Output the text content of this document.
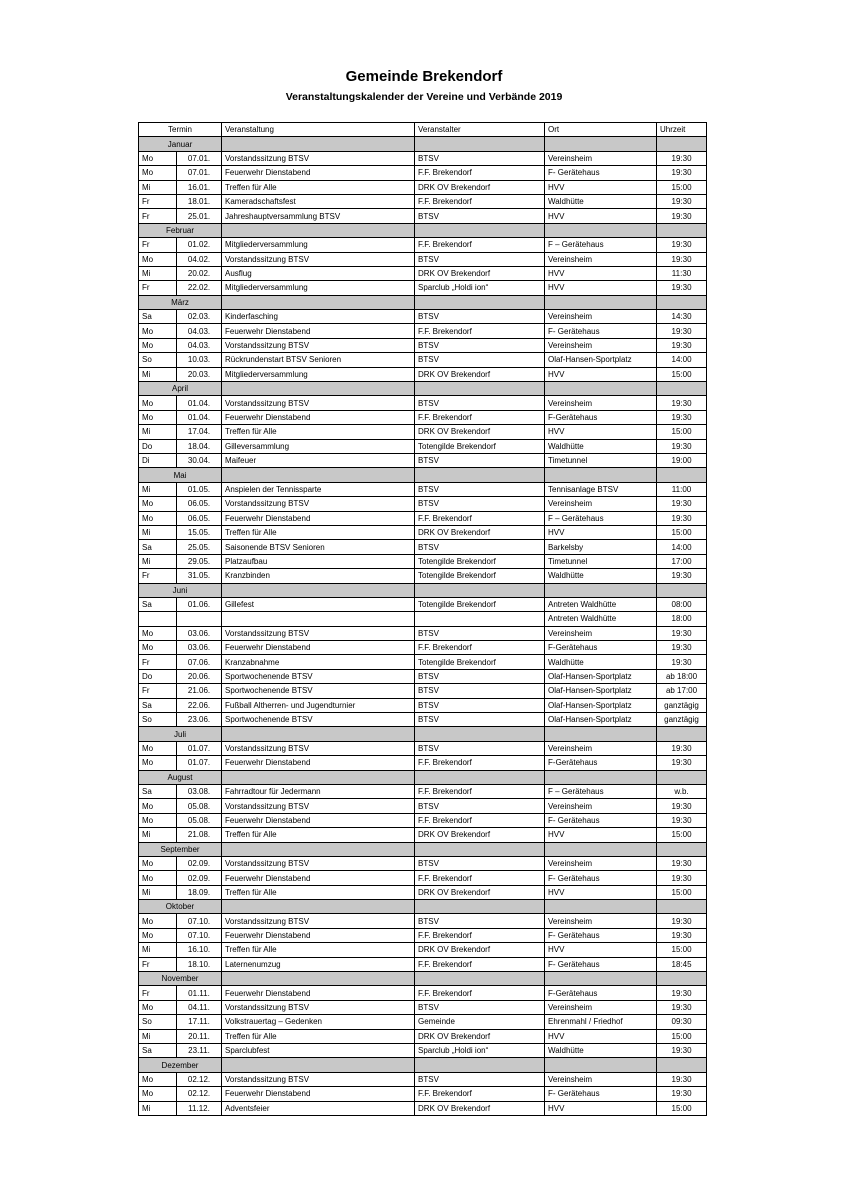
Gemeinde Brekendorf
Veranstaltungskalender der Vereine und Verbände 2019
Termin		Veranstaltung	Veranstalter	Ort	Uhrzeit
Januar					
Mo	07.01.	Vorstandssitzung BTSV	BTSV	Vereinsheim	19:30
Mo	07.01.	Feuerwehr Dienstabend	F.F. Brekendorf	F- Gerätehaus	19:30
Mi	16.01.	Treffen für Alle	DRK OV Brekendorf	HVV	15:00
Fr	18.01.	Kameradschaftsfest	F.F. Brekendorf	Waldhütte	19:30
Fr	25.01.	Jahreshauptversammlung BTSV	BTSV	HVV	19:30
Februar					
Fr	01.02.	Mitgliederversammlung	F.F. Brekendorf	F – Gerätehaus	19:30
Mo	04.02.	Vorstandssitzung BTSV	BTSV	Vereinsheim	19:30
Mi	20.02.	Ausflug	DRK OV Brekendorf	HVV	11:30
Fr	22.02.	Mitgliederversammlung	Sparclub „Holdi ion“	HVV	19:30
März					
Sa	02.03.	Kinderfasching	BTSV	Vereinsheim	14:30
Mo	04.03.	Feuerwehr Dienstabend	F.F. Brekendorf	F- Gerätehaus	19:30
Mo	04.03.	Vorstandssitzung BTSV	BTSV	Vereinsheim	19:30
So	10.03.	Rückrundenstart BTSV Senioren	BTSV	Olaf-Hansen-Sportplatz	14:00
Mi	20.03.	Mitgliederversammlung	DRK OV Brekendorf	HVV	15:00
April					
Mo	01.04.	Vorstandssitzung BTSV	BTSV	Vereinsheim	19:30
Mo	01.04.	Feuerwehr Dienstabend	F.F. Brekendorf	F-Gerätehaus	19:30
Mi	17.04.	Treffen für Alle	DRK OV Brekendorf	HVV	15:00
Do	18.04.	Gilleversammlung	Totengilde Brekendorf	Waldhütte	19:30
Di	30.04.	Maifeuer	BTSV	Timetunnel	19:00
Mai					
Mi	01.05.	Anspielen der Tennissparte	BTSV	Tennisanlage BTSV	11:00
Mo	06.05.	Vorstandssitzung BTSV	BTSV	Vereinsheim	19:30
Mo	06.05.	Feuerwehr Dienstabend	F.F. Brekendorf	F – Gerätehaus	19:30
Mi	15.05.	Treffen für Alle	DRK OV Brekendorf	HVV	15:00
Sa	25.05.	Saisonende BTSV Senioren	BTSV	Barkelsby	14:00
Mi	29.05.	Platzaufbau	Totengilde Brekendorf	Timetunnel	17:00
Fr	31.05.	Kranzbinden	Totengilde Brekendorf	Waldhütte	19:30
Juni					
Sa	01.06.	Gillefest	Totengilde Brekendorf	Antreten Waldhütte	08:00
				Antreten Waldhütte	18:00
Mo	03.06.	Vorstandssitzung BTSV	BTSV	Vereinsheim	19:30
Mo	03.06.	Feuerwehr Dienstabend	F.F. Brekendorf	F-Gerätehaus	19:30
Fr	07.06.	Kranzabnahme	Totengilde Brekendorf	Waldhütte	19:30
Do	20.06.	Sportwochenende BTSV	BTSV	Olaf-Hansen-Sportplatz	ab 18:00
Fr	21.06.	Sportwochenende BTSV	BTSV	Olaf-Hansen-Sportplatz	ab 17:00
Sa	22.06.	Fußball Altherren- und Jugendturnier	BTSV	Olaf-Hansen-Sportplatz	ganztägig
So	23.06.	Sportwochenende BTSV	BTSV	Olaf-Hansen-Sportplatz	ganztägig
Juli					
Mo	01.07.	Vorstandssitzung BTSV	BTSV	Vereinsheim	19:30
Mo	01.07.	Feuerwehr Dienstabend	F.F. Brekendorf	F-Gerätehaus	19:30
August					
Sa	03.08.	Fahrradtour für Jedermann	F.F. Brekendorf	F – Gerätehaus	w.b.
Mo	05.08.	Vorstandssitzung BTSV	BTSV	Vereinsheim	19:30
Mo	05.08.	Feuerwehr Dienstabend	F.F. Brekendorf	F- Gerätehaus	19:30
Mi	21.08.	Treffen für Alle	DRK OV Brekendorf	HVV	15:00
September					
Mo	02.09.	Vorstandssitzung BTSV	BTSV	Vereinsheim	19:30
Mo	02.09.	Feuerwehr Dienstabend	F.F. Brekendorf	F- Gerätehaus	19:30
Mi	18.09.	Treffen für Alle	DRK OV Brekendorf	HVV	15:00
Oktober					
Mo	07.10.	Vorstandssitzung BTSV	BTSV	Vereinsheim	19:30
Mo	07.10.	Feuerwehr Dienstabend	F.F. Brekendorf	F- Gerätehaus	19:30
Mi	16.10.	Treffen für Alle	DRK OV Brekendorf	HVV	15:00
Fr	18.10.	Laternenumzug	F.F. Brekendorf	F- Gerätehaus	18:45
November					
Fr	01.11.	Feuerwehr Dienstabend	F.F. Brekendorf	F-Gerätehaus	19:30
Mo	04.11.	Vorstandssitzung BTSV	BTSV	Vereinsheim	19:30
So	17.11.	Volkstrauertag – Gedenken	Gemeinde	Ehrenmahl / Friedhof	09:30
Mi	20.11.	Treffen für Alle	DRK OV Brekendorf	HVV	15:00
Sa	23.11.	Sparclubfest	Sparclub „Holdi ion“	Waldhütte	19:30
Dezember					
Mo	02.12.	Vorstandssitzung BTSV	BTSV	Vereinsheim	19:30
Mo	02.12.	Feuerwehr Dienstabend	F.F. Brekendorf	F- Gerätehaus	19:30
Mi	11.12.	Adventsfeier	DRK OV Brekendorf	HVV	15:00
